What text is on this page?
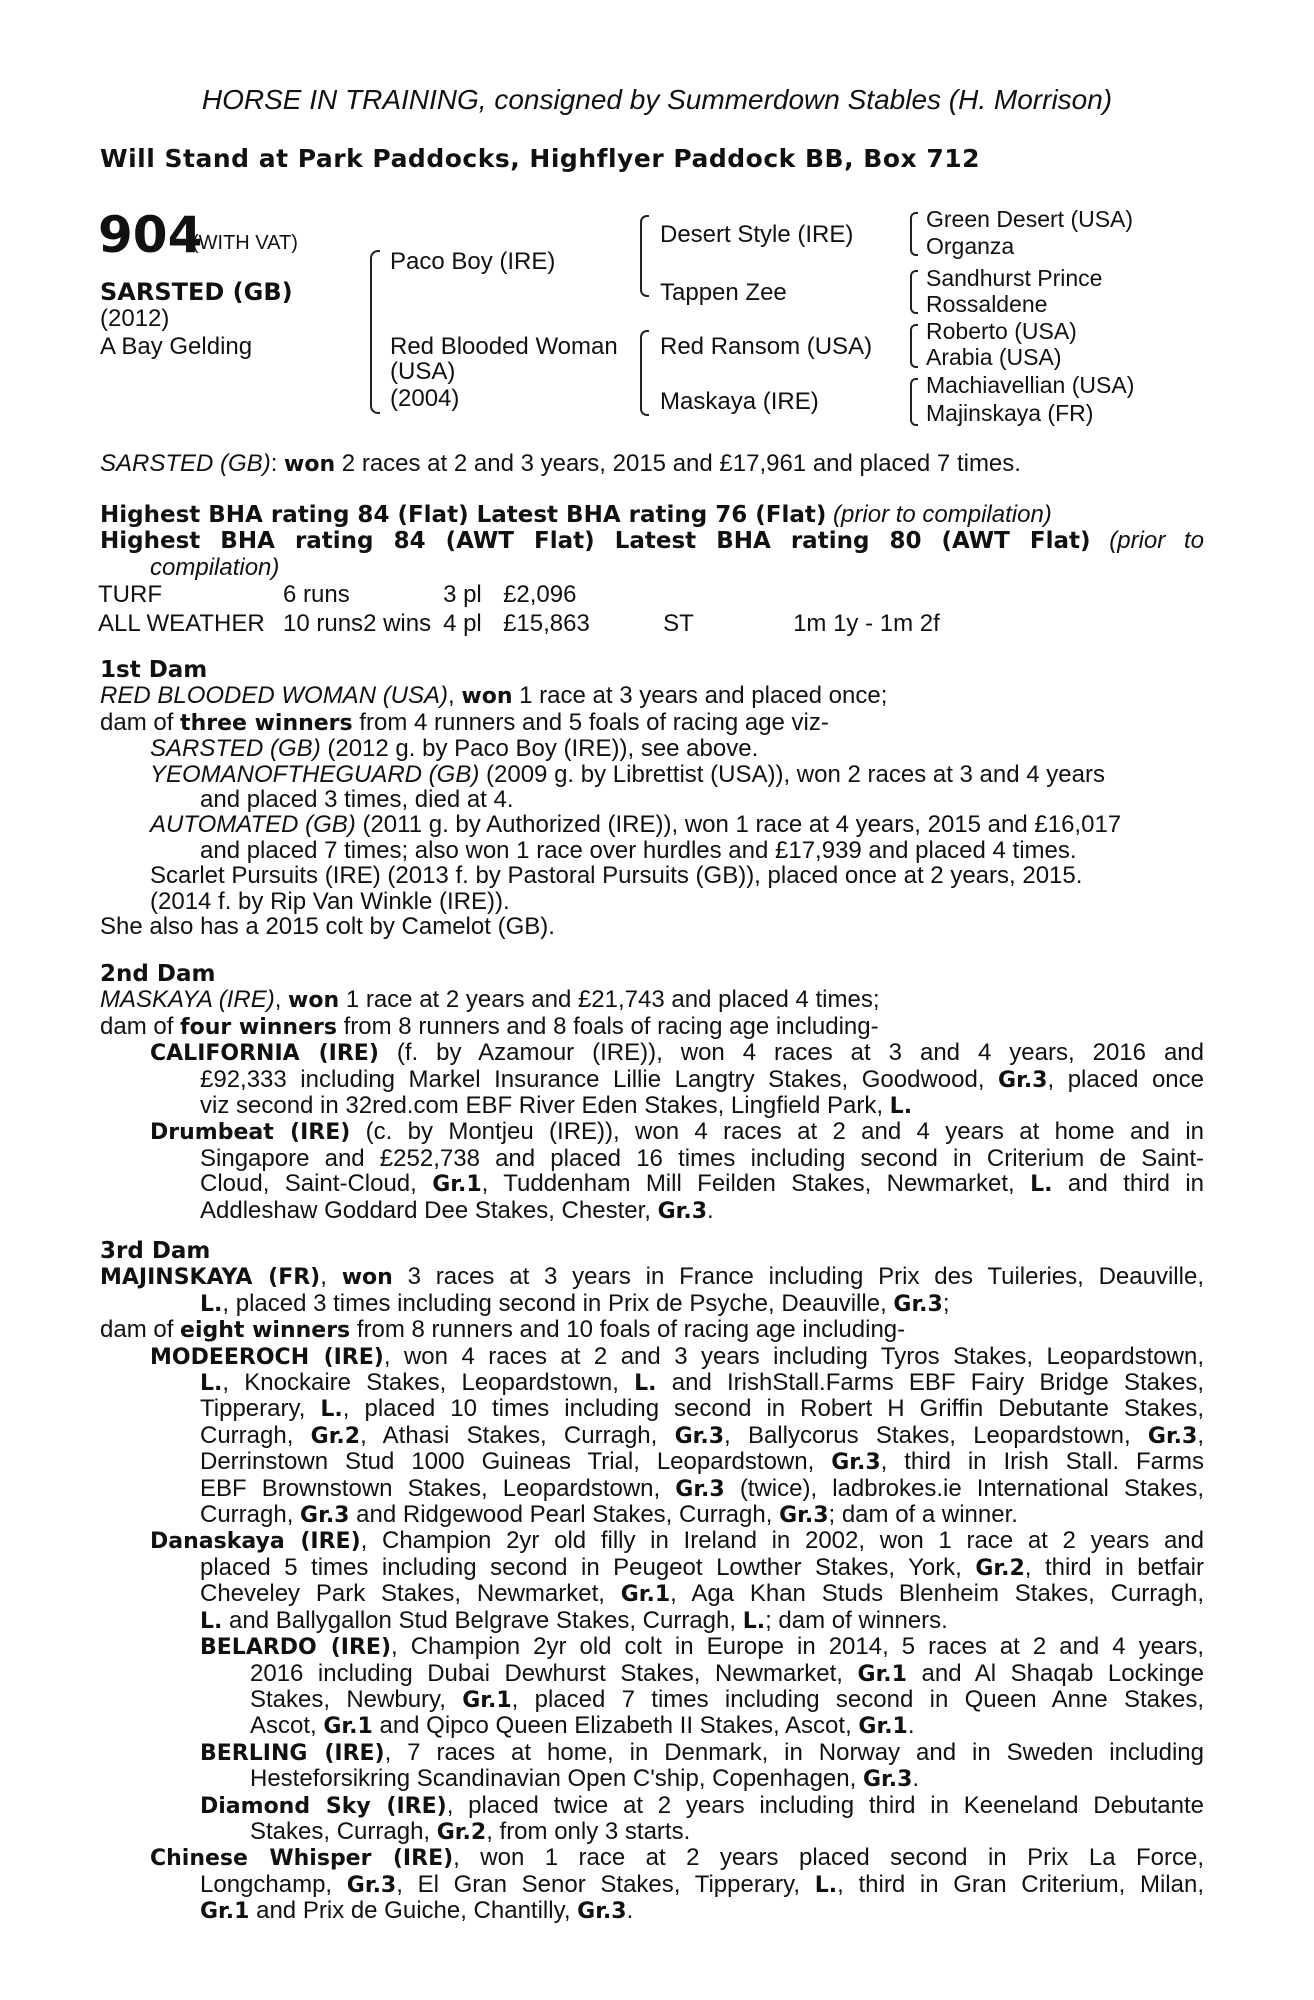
HORSE IN TRAINING, consigned by Summerdown Stables (H. Morrison)
Will Stand at Park Paddocks, Highflyer Paddock BB, Box 712
904
(WITH VAT)
SARSTED (GB)
(2012)
A Bay Gelding
Paco Boy (IRE)
Red Blooded Woman
(USA)
(2004)
Desert Style (IRE)
Tappen Zee
Red Ransom (USA)
Maskaya (IRE)
Green Desert (USA)
Organza
Sandhurst Prince
Rossaldene
Roberto (USA)
Arabia (USA)
Machiavellian (USA)
Majinskaya (FR)
SARSTED (GB): won 2 races at 2 and 3 years, 2015 and £17,961 and placed 7 times.
Highest BHA rating 84 (Flat) Latest BHA rating 76 (Flat) (prior to compilation)
Highest BHA rating 84 (AWT Flat) Latest BHA rating 80 (AWT Flat) (prior to
compilation)
TURF	6 runs		3 pl	£2,096		
ALL WEATHER	10 runs	2 wins	4 pl	£15,863	ST	1m 1y - 1m 2f
1st Dam
RED BLOODED WOMAN (USA), won 1 race at 3 years and placed once;
dam of three winners from 4 runners and 5 foals of racing age viz-
SARSTED (GB) (2012 g. by Paco Boy (IRE)), see above.
YEOMANOFTHEGUARD (GB) (2009 g. by Librettist (USA)), won 2 races at 3 and 4 years
and placed 3 times, died at 4.
AUTOMATED (GB) (2011 g. by Authorized (IRE)), won 1 race at 4 years, 2015 and £16,017
and placed 7 times; also won 1 race over hurdles and £17,939 and placed 4 times.
Scarlet Pursuits (IRE) (2013 f. by Pastoral Pursuits (GB)), placed once at 2 years, 2015.
(2014 f. by Rip Van Winkle (IRE)).
She also has a 2015 colt by Camelot (GB).
2nd Dam
MASKAYA (IRE), won 1 race at 2 years and £21,743 and placed 4 times;
dam of four winners from 8 runners and 8 foals of racing age including-
CALIFORNIA (IRE) (f. by Azamour (IRE)), won 4 races at 3 and 4 years, 2016 and
£92,333 including Markel Insurance Lillie Langtry Stakes, Goodwood, Gr.3, placed once
viz second in 32red.com EBF River Eden Stakes, Lingfield Park, L.
Drumbeat (IRE) (c. by Montjeu (IRE)), won 4 races at 2 and 4 years at home and in
Singapore and £252,738 and placed 16 times including second in Criterium de Saint-
Cloud, Saint-Cloud, Gr.1, Tuddenham Mill Feilden Stakes, Newmarket, L. and third in
Addleshaw Goddard Dee Stakes, Chester, Gr.3.
3rd Dam
MAJINSKAYA (FR), won 3 races at 3 years in France including Prix des Tuileries, Deauville,
L., placed 3 times including second in Prix de Psyche, Deauville, Gr.3;
dam of eight winners from 8 runners and 10 foals of racing age including-
MODEEROCH (IRE), won 4 races at 2 and 3 years including Tyros Stakes, Leopardstown,
L., Knockaire Stakes, Leopardstown, L. and IrishStall.Farms EBF Fairy Bridge Stakes,
Tipperary, L., placed 10 times including second in Robert H Griffin Debutante Stakes,
Curragh, Gr.2, Athasi Stakes, Curragh, Gr.3, Ballycorus Stakes, Leopardstown, Gr.3,
Derrinstown Stud 1000 Guineas Trial, Leopardstown, Gr.3, third in Irish Stall. Farms
EBF Brownstown Stakes, Leopardstown, Gr.3 (twice), ladbrokes.ie International Stakes,
Curragh, Gr.3 and Ridgewood Pearl Stakes, Curragh, Gr.3; dam of a winner.
Danaskaya (IRE), Champion 2yr old filly in Ireland in 2002, won 1 race at 2 years and
placed 5 times including second in Peugeot Lowther Stakes, York, Gr.2, third in betfair
Cheveley Park Stakes, Newmarket, Gr.1, Aga Khan Studs Blenheim Stakes, Curragh,
L. and Ballygallon Stud Belgrave Stakes, Curragh, L.; dam of winners.
BELARDO (IRE), Champion 2yr old colt in Europe in 2014, 5 races at 2 and 4 years,
2016 including Dubai Dewhurst Stakes, Newmarket, Gr.1 and Al Shaqab Lockinge
Stakes, Newbury, Gr.1, placed 7 times including second in Queen Anne Stakes,
Ascot, Gr.1 and Qipco Queen Elizabeth II Stakes, Ascot, Gr.1.
BERLING (IRE), 7 races at home, in Denmark, in Norway and in Sweden including
Hesteforsikring Scandinavian Open C'ship, Copenhagen, Gr.3.
Diamond Sky (IRE), placed twice at 2 years including third in Keeneland Debutante
Stakes, Curragh, Gr.2, from only 3 starts.
Chinese Whisper (IRE), won 1 race at 2 years placed second in Prix La Force,
Longchamp, Gr.3, El Gran Senor Stakes, Tipperary, L., third in Gran Criterium, Milan,
Gr.1 and Prix de Guiche, Chantilly, Gr.3.
